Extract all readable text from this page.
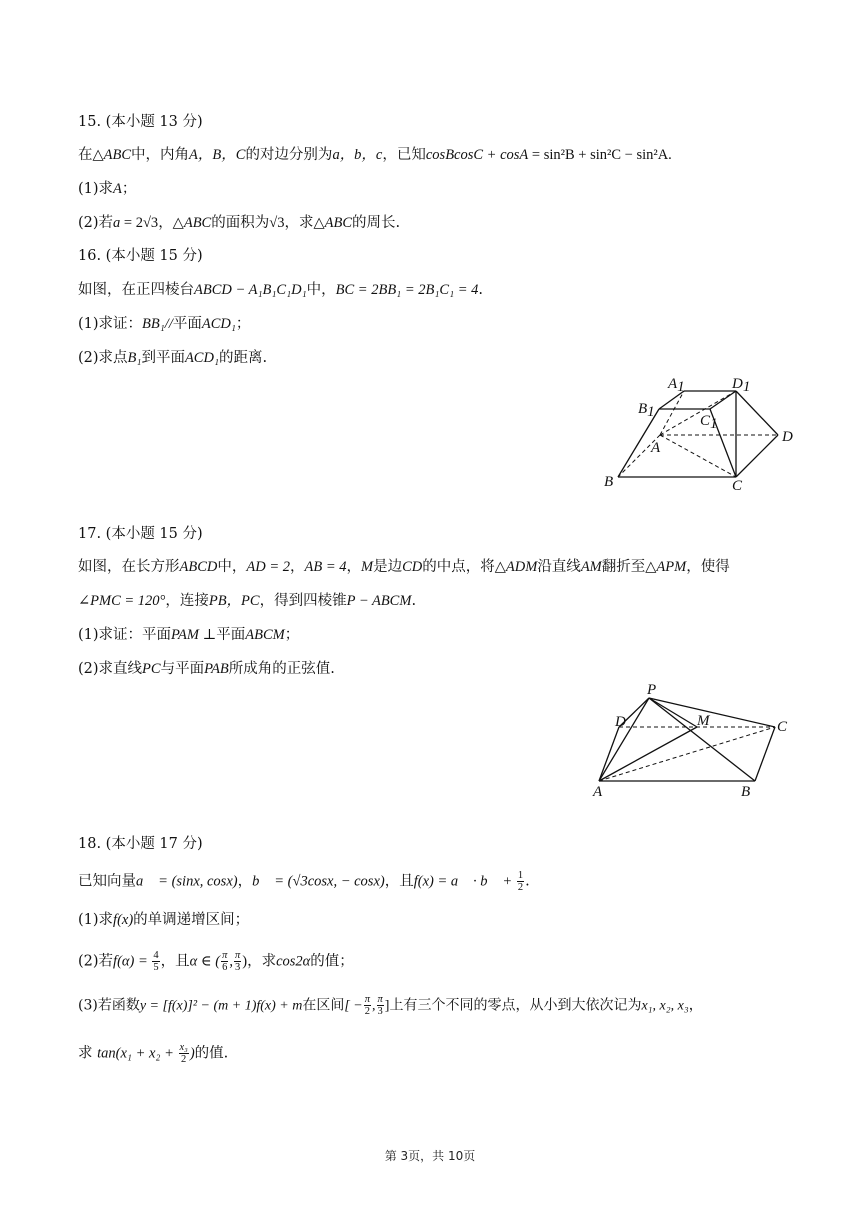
15. (本小题 13 分)
在△ABC中，内角A，B，C的对边分别为a，b，c，已知cosBcosC + cosA = sin²B + sin²C − sin²A.
(1)求A；
(2)若a = 2√3，△ABC的面积为√3，求△ABC的周长.
16. (本小题 15 分)
如图，在正四棱台ABCD − A₁B₁C₁D₁中，BC = 2BB₁ = 2B₁C₁ = 4.
(1)求证：BB₁//平面ACD₁；
(2)求点B₁到平面ACD₁的距离.
A1	D1
B1
C1
A
D
B	C
17. (本小题 15 分)
如图，在长方形ABCD中，AD = 2，AB = 4，M是边CD的中点，将△ADM沿直线AM翻折至△APM，使得
∠PMC = 120°，连接PB，PC，得到四棱锥P − ABCM.
(1)求证：平面PAM ⊥平面ABCM；
(2)求直线PC与平面PAB所成角的正弦值.
P
D	M	C
A	B
18. (本小题 17 分)
已知向量a⃗ = (sinx, cosx)，b⃗ = (√3cosx, − cosx)，且f(x) = a⃗ · b⃗ + $\frac{1}{2}$ .
(1)求f(x)的单调递增区间；
(2)若$f(\alpha) = \frac{4}{5}$ ，且α ∈ ( $\frac{\pi}{6}$ , $\frac{\pi}{3}$ )，求cos2α的值；
(3)若函数y = [f(x)]² − (m + 1)f(x) + m在区间[ − $\frac{\pi}{2}$ , $\frac{\pi}{3}$ ]上有三个不同的零点，从小到大依次记为x₁, x₂, x₃，
求 $\tan(x_1 + x_2 + \frac{\text{x₃}}{2}$ )的值.
第 3页，共 10页
